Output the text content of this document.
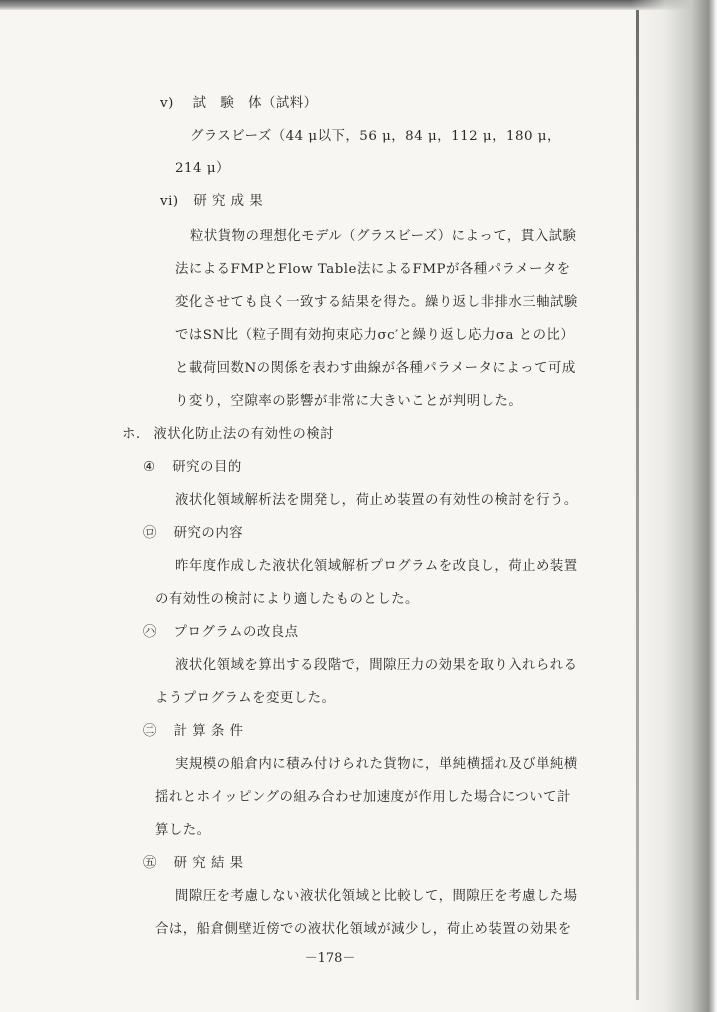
v) 試　験　体（試料）
グラスビーズ（44 μ以下，56 μ，84 μ，112 μ，180 μ，
214 μ）
vi) 研 究 成 果
粒状貨物の理想化モデル（グラスビーズ）によって，貫入試験
法によるFMPとFlow Table法によるFMPが各種パラメータを
変化させても良く一致する結果を得た。繰り返し非排水三軸試験
ではSN比（粒子間有効拘束応力σc′と繰り返し応力σa との比）
と載荷回数Nの関係を表わす曲線が各種パラメータによって可成
り変り，空隙率の影響が非常に大きいことが判明した。
ホ. 液状化防止法の有効性の検討
④ 研究の目的
液状化領域解析法を開発し，荷止め装置の有効性の検討を行う。
㋺ 研究の内容
昨年度作成した液状化領域解析プログラムを改良し，荷止め装置
の有効性の検討により適したものとした。
㋩ プログラムの改良点
液状化領域を算出する段階で，間隙圧力の効果を取り入れられる
ようプログラムを変更した。
㊁ 計 算 条 件
実規模の船倉内に積み付けられた貨物に，単純横揺れ及び単純横
揺れとホイッピングの組み合わせ加速度が作用した場合について計
算した。
㊄ 研 究 結 果
間隙圧を考慮しない液状化領域と比較して，間隙圧を考慮した場
合は，船倉側壁近傍での液状化領域が減少し，荷止め装置の効果を
－178－
